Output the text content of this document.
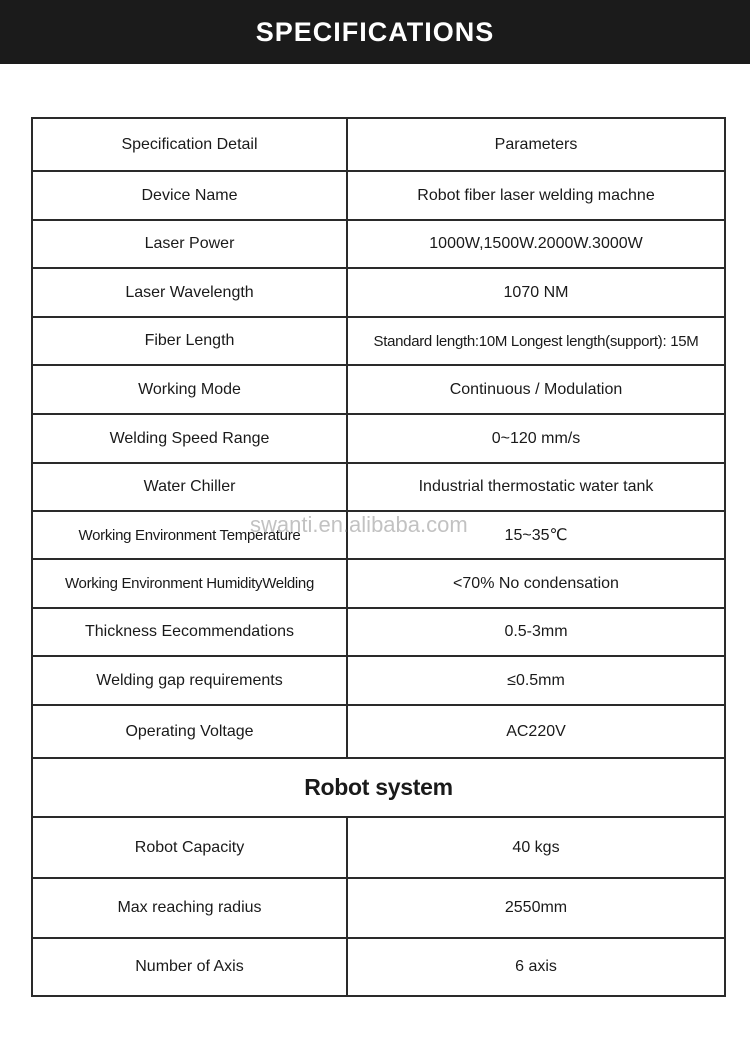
SPECIFICATIONS
Specification Detail	Parameters
Device Name	Robot fiber laser welding machne
Laser Power	1000W,1500W.2000W.3000W
Laser Wavelength	1070 NM
Fiber Length	Standard length:10M Longest length(support): 15M
Working Mode	Continuous / Modulation
Welding Speed Range	0~120 mm/s
Water Chiller	Industrial thermostatic water tank
Working Environment Temperature	15~35℃
Working Environment HumidityWelding	<70% No condensation
Thickness Eecommendations	0.5-3mm
Welding gap requirements	≤0.5mm
Operating Voltage	AC220V
Robot system	
Robot Capacity	40 kgs
Max reaching radius	2550mm
Number of Axis	6 axis
swanti.en.alibaba.com
